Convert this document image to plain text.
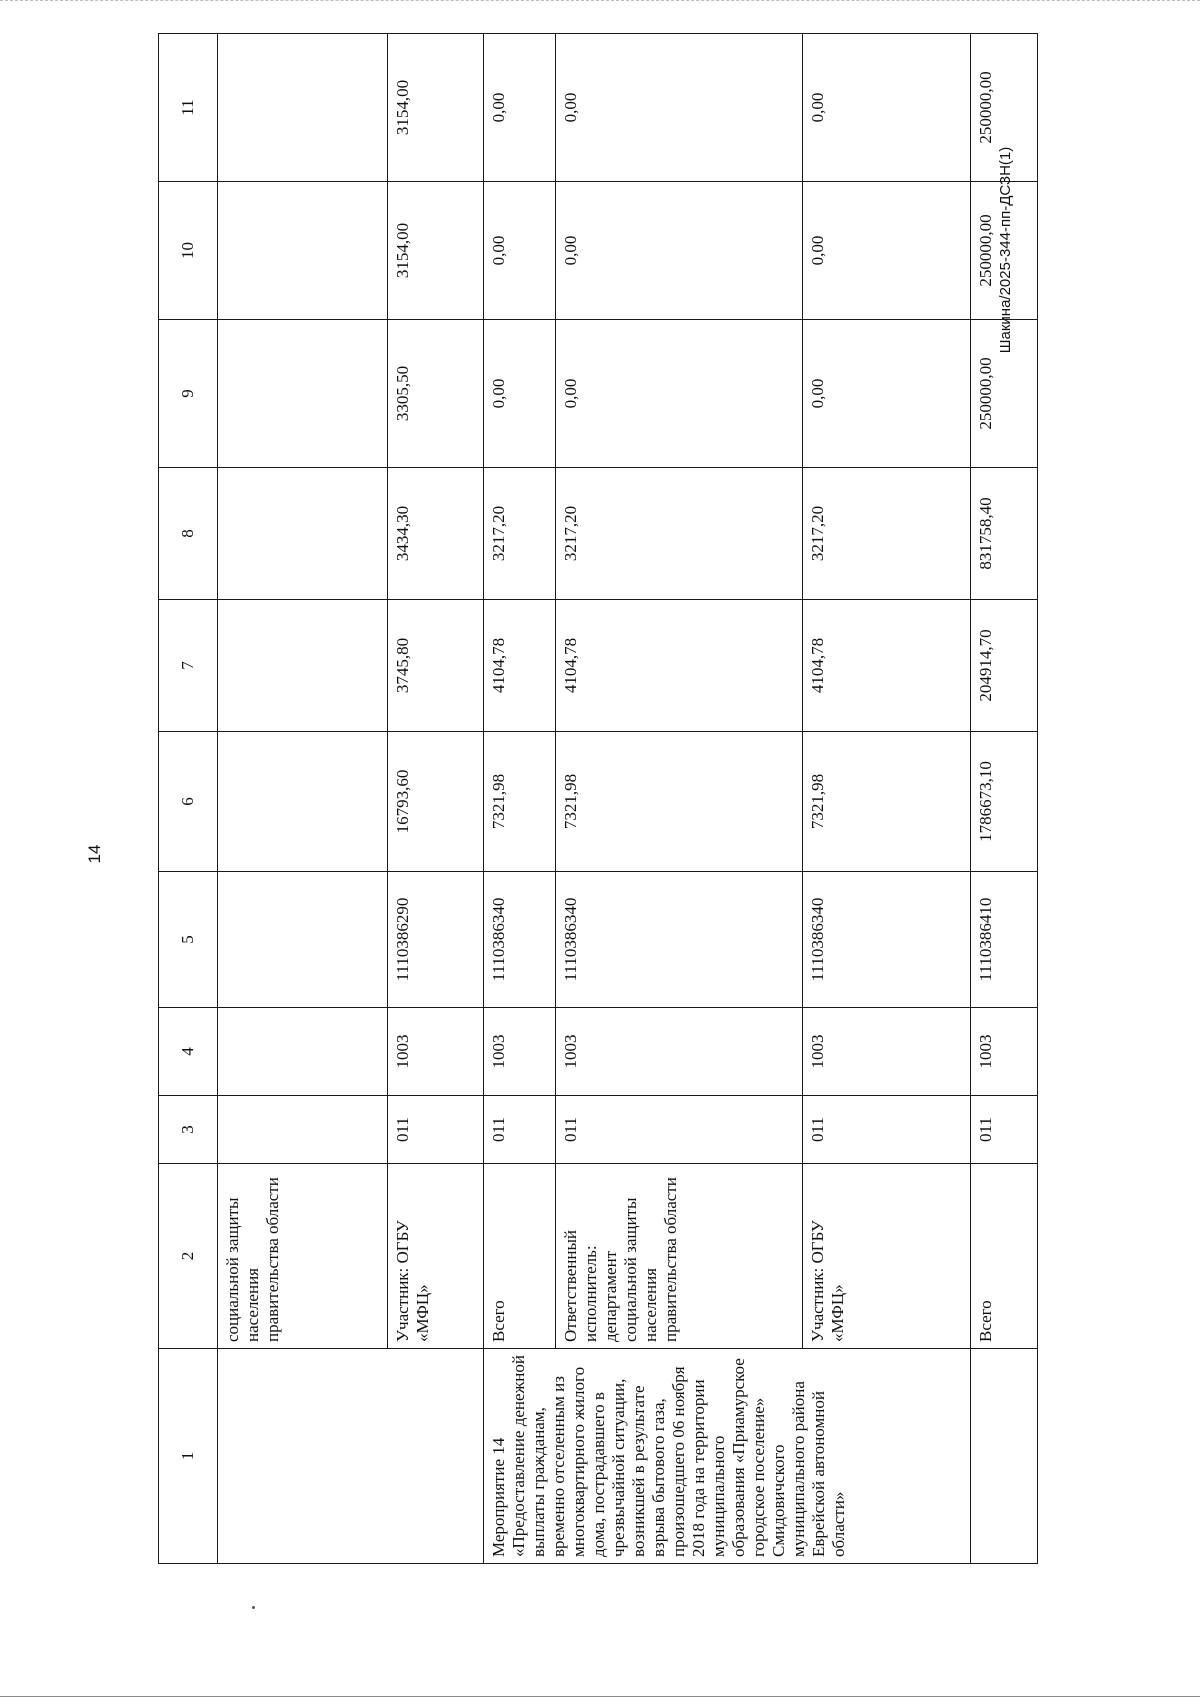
14
1	2	3	4	5	6	7	8	9	10	11
	социальной защиты населения правительства области									
	Участник: ОГБУ «МФЦ»	011	1003	1110386290	16793,60	3745,80	3434,30	3305,50	3154,00	3154,00
Мероприятие 14 «Предоставление денежной выплаты гражданам, временно отселенным из многоквартирного жилого дома, пострадавшего в чрезвычайной ситуации, возникшей в результате взрыва бытового газа, произошедшего 06 ноября 2018 года на территории муниципального образования «Приамурское городское поселение» Смидовичского муниципального района Еврейской автономной области»	Всего	011	1003	1110386340	7321,98	4104,78	3217,20	0,00	0,00	0,00
	Ответственный исполнитель: департамент социальной защиты населения правительства области	011	1003	1110386340	7321,98	4104,78	3217,20	0,00	0,00	0,00
	Участник: ОГБУ «МФЦ»	011	1003	1110386340	7321,98	4104,78	3217,20	0,00	0,00	0,00
	Всего	011	1003	1110386410	1786673,10	204914,70	831758,40	250000,00	250000,00	250000,00
Шакина/2025-344-пп-ДСЗН(1)
